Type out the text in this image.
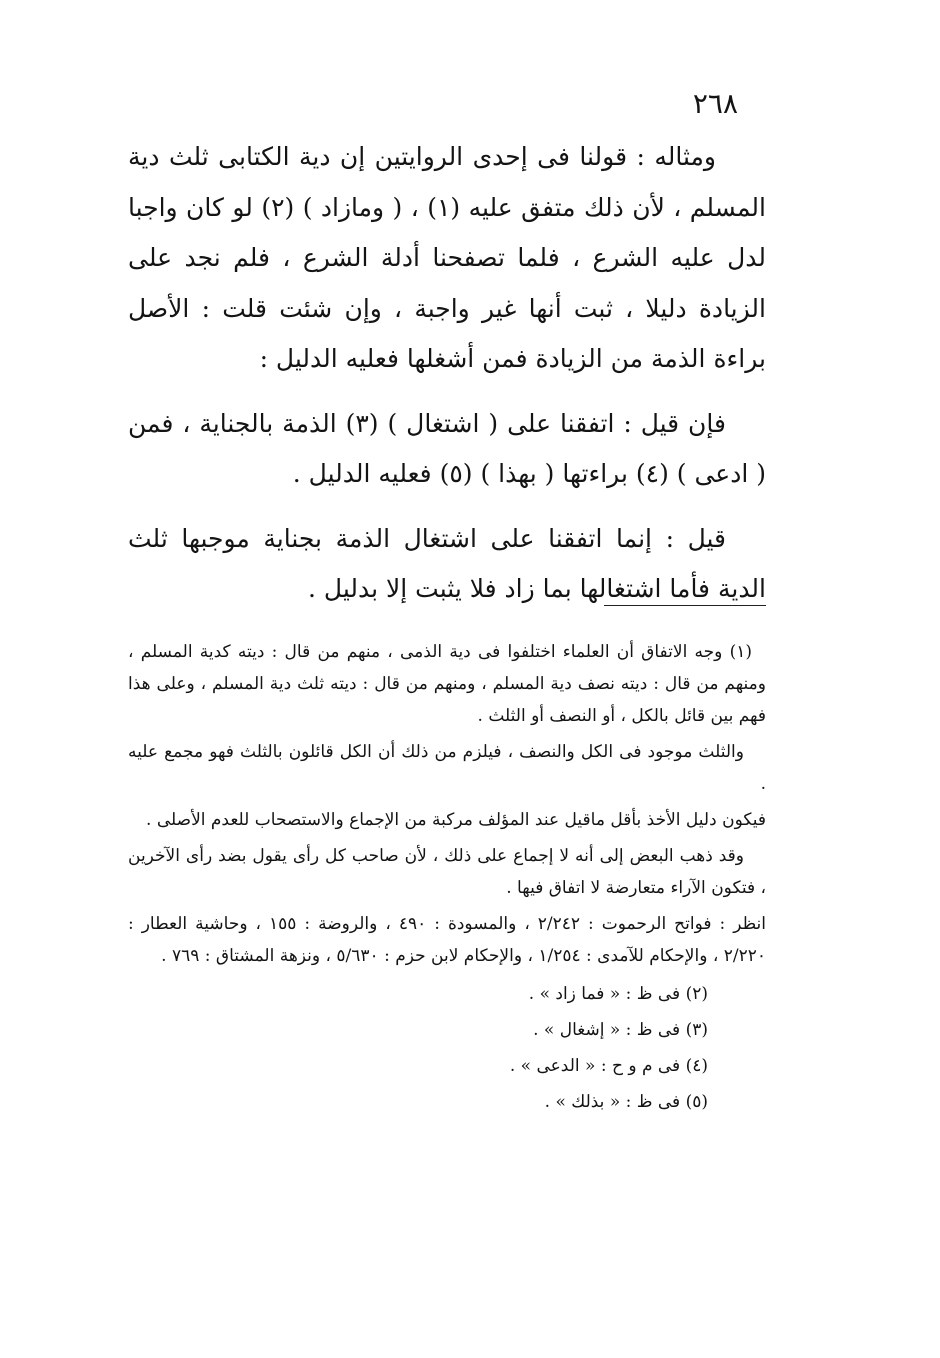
٢٦٨

ومثاله : قولنا فى إحدى الروايتين إن دية الكتابى ثلث دية المسلم ، لأن ذلك متفق عليه (١) ، ( ومازاد ) (٢) لو كان واجبا لدل عليه الشرع ، فلما تصفحنا أدلة الشرع ، فلم نجد على الزيادة دليلا ، ثبت أنها غير واجبة ، وإن شئت قلت : الأصل براءة الذمة من الزيادة فمن أشغلها فعليه الدليل :

فإن قيل : اتفقنا على ( اشتغال ) (٣) الذمة بالجناية ، فمن ( ادعى ) (٤) براءتها ( بهذا ) (٥) فعليه الدليل .

قيل : إنما اتفقنا على اشتغال الذمة بجناية موجبها ثلث الدية فأما اشتغالها بما زاد فلا يثبت إلا بدليل .

(١) وجه الاتفاق أن العلماء اختلفوا فى دية الذمى ، منهم من قال : ديته كدية المسلم ، ومنهم من قال : ديته نصف دية المسلم ، ومنهم من قال : ديته ثلث دية المسلم ، وعلى هذا فهم بين قائل بالكل ، أو النصف أو الثلث .

والثلث موجود فى الكل والنصف ، فيلزم من ذلك أن الكل قائلون بالثلث فهو مجمع عليه .

فيكون دليل الأخذ بأقل ماقيل عند المؤلف مركبة من الإجماع والاستصحاب للعدم الأصلى .

وقد ذهب البعض إلى أنه لا إجماع على ذلك ، لأن صاحب كل رأى يقول بضد رأى الآخرين ، فتكون الآراء متعارضة لا اتفاق فيها .

انظر : فواتح الرحموت : ٢/٢٤٢ ، والمسودة : ٤٩٠ ، والروضة : ١٥٥ ، وحاشية العطار : ٢/٢٢٠ ، والإحكام للآمدى : ١/٢٥٤ ، والإحكام لابن حزم : ٥/٦٣٠ ، ونزهة المشتاق : ٧٦٩ .

(٢) فى ظ : « فما زاد » .
(٣) فى ظ : « إشغال » .
(٤) فى م و ح : « الدعى » .
(٥) فى ظ : « بذلك » .
